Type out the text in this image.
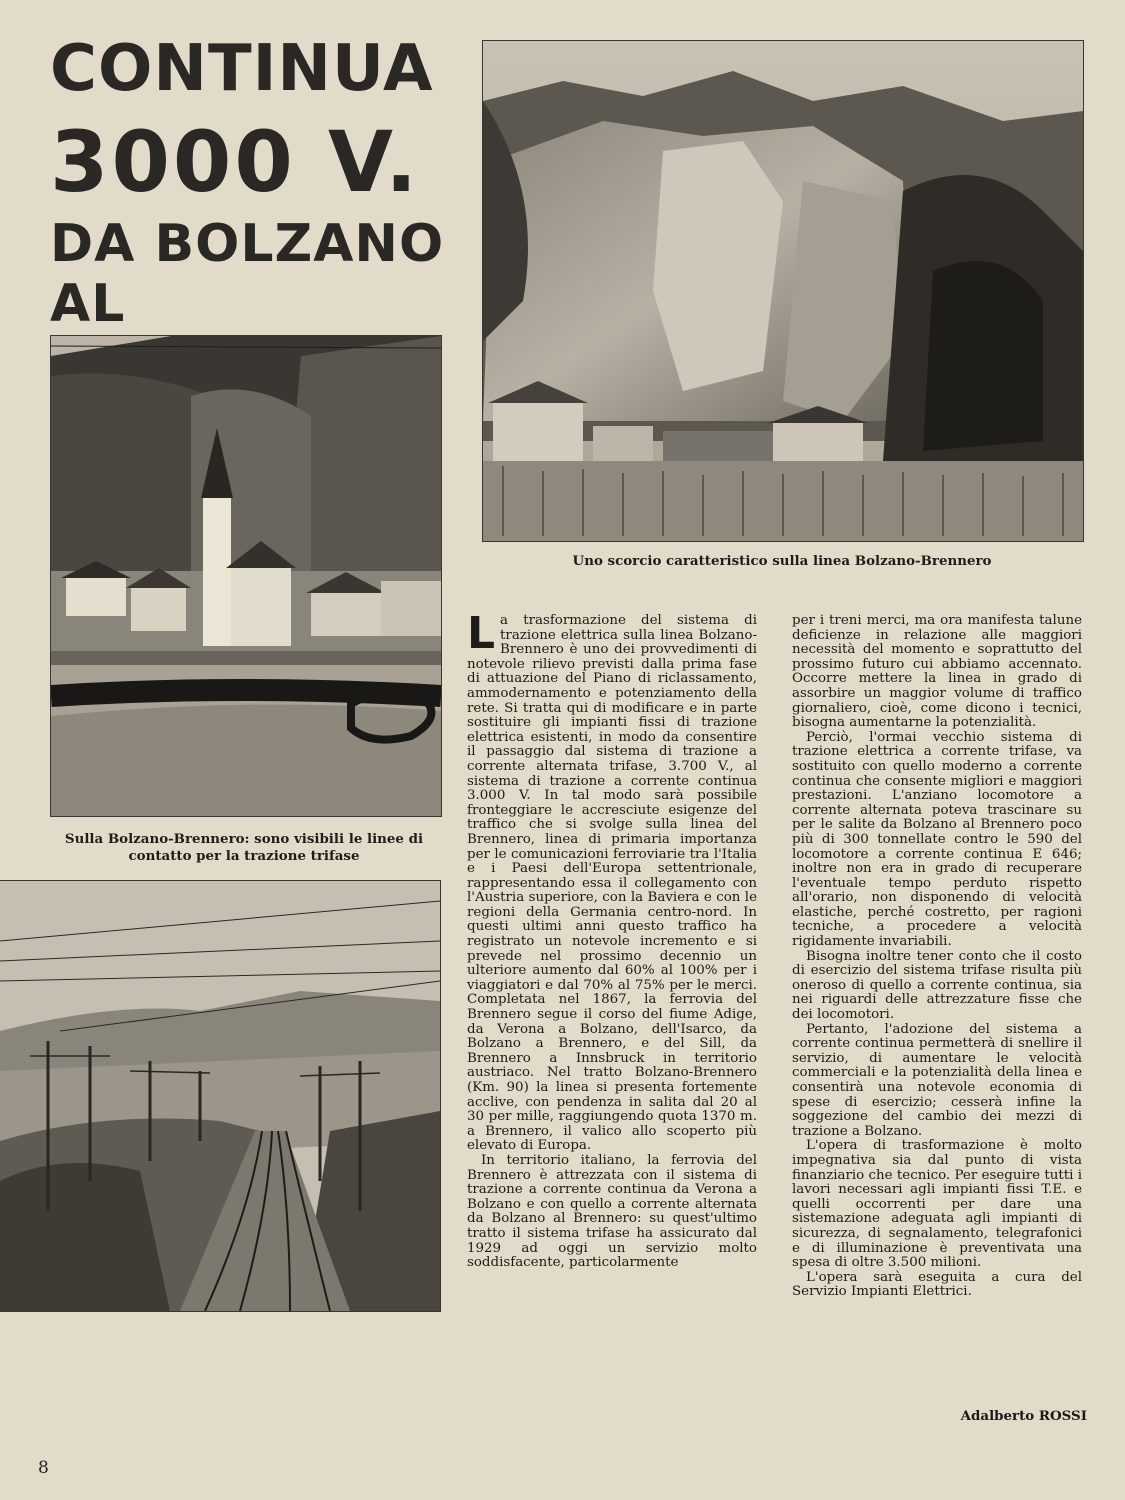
CONTINUA
3000 V.
DA BOLZANO
AL

Uno scorcio caratteristico sulla linea Bolzano-Brennero

Sulla Bolzano-Brennero: sono visibili le linee di contatto per la trazione trifase

La trasformazione del sistema di trazione elettrica sulla linea Bolzano-Brennero è uno dei provvedimenti di notevole rilievo previsti dalla prima fase di attuazione del Piano di riclassamento, ammodernamento e potenziamento della rete. Si tratta qui di modificare e in parte sostituire gli impianti fissi di trazione elettrica esistenti, in modo da consentire il passaggio dal sistema di trazione a corrente alternata trifase, 3.700 V., al sistema di trazione a corrente continua 3.000 V. In tal modo sarà possibile fronteggiare le accresciute esigenze del traffico che si svolge sulla linea del Brennero, linea di primaria importanza per le comunicazioni ferroviarie tra l'Italia e i Paesi dell'Europa settentrionale, rappresentando essa il collegamento con l'Austria superiore, con la Baviera e con le regioni della Germania centro-nord. In questi ultimi anni questo traffico ha registrato un notevole incremento e si prevede nel prossimo decennio un ulteriore aumento dal 60% al 100% per i viaggiatori e dal 70% al 75% per le merci. Completata nel 1867, la ferrovia del Brennero segue il corso del fiume Adige, da Verona a Bolzano, dell'Isarco, da Bolzano a Brennero, e del Sill, da Brennero a Innsbruck in territorio austriaco. Nel tratto Bolzano-Brennero (Km. 90) la linea si presenta fortemente acclive, con pendenza in salita dal 20 al 30 per mille, raggiungendo quota 1370 m. a Brennero, il valico allo scoperto più elevato di Europa.

In territorio italiano, la ferrovia del Brennero è attrezzata con il sistema di trazione a corrente continua da Verona a Bolzano e con quello a corrente alternata da Bolzano al Brennero: su quest'ultimo tratto il sistema trifase ha assicurato dal 1929 ad oggi un servizio molto soddisfacente, particolarmente

per i treni merci, ma ora manifesta talune deficienze in relazione alle maggiori necessità del momento e soprattutto del prossimo futuro cui abbiamo accennato. Occorre mettere la linea in grado di assorbire un maggior volume di traffico giornaliero, cioè, come dicono i tecnici, bisogna aumentarne la potenzialità.

Perciò, l'ormai vecchio sistema di trazione elettrica a corrente trifase, va sostituito con quello moderno a corrente continua che consente migliori e maggiori prestazioni. L'anziano locomotore a corrente alternata poteva trascinare su per le salite da Bolzano al Brennero poco più di 300 tonnellate contro le 590 del locomotore a corrente continua E 646; inoltre non era in grado di recuperare l'eventuale tempo perduto rispetto all'orario, non disponendo di velocità elastiche, perché costretto, per ragioni tecniche, a procedere a velocità rigidamente invariabili.

Bisogna inoltre tener conto che il costo di esercizio del sistema trifase risulta più oneroso di quello a corrente continua, sia nei riguardi delle attrezzature fisse che dei locomotori.

Pertanto, l'adozione del sistema a corrente continua permetterà di snellire il servizio, di aumentare le velocità commerciali e la potenzialità della linea e consentirà una notevole economia di spese di esercizio; cesserà infine la soggezione del cambio dei mezzi di trazione a Bolzano.

L'opera di trasformazione è molto impegnativa sia dal punto di vista finanziario che tecnico. Per eseguire tutti i lavori necessari agli impianti fissi T.E. e quelli occorrenti per dare una sistemazione adeguata agli impianti di sicurezza, di segnalamento, telegrafonici e di illuminazione è preventivata una spesa di oltre 3.500 milioni.

L'opera sarà eseguita a cura del Servizio Impianti Elettrici.

Adalberto ROSSI
8
